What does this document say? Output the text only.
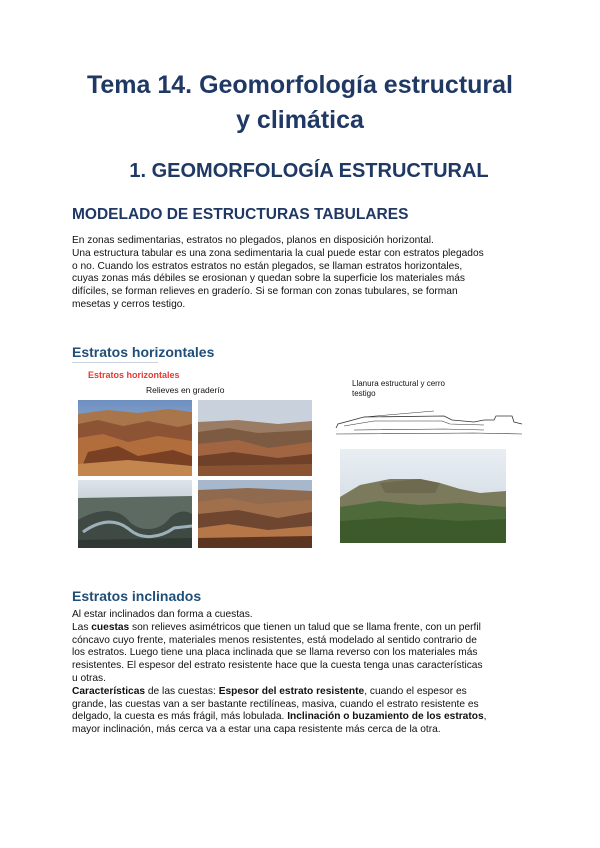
Tema 14. Geomorfología estructural
y climática
1. GEOMORFOLOGÍA ESTRUCTURAL
MODELADO DE ESTRUCTURAS TABULARES
En zonas sedimentarias, estratos no plegados, planos en disposición horizontal.
Una estructura tabular es una zona sedimentaria la cual puede estar con estratos plegados
o no. Cuando los estratos estratos no están plegados, se llaman estratos horizontales,
cuyas zonas más débiles se erosionan y quedan sobre la superficie los materiales más
difíciles, se forman relieves en graderío. Si se forman con zonas tubulares, se forman
mesetas y cerros testigo.
Estratos horizontales
Estratos horizontales
Relieves en graderío
Llanura estructural y cerro
testigo
Estratos inclinados
Al estar inclinados dan forma a cuestas.
Las cuestas son relieves asimétricos que tienen un talud que se llama frente, con un perfil
cóncavo cuyo frente, materiales menos resistentes, está modelado al sentido contrario de
los estratos. Luego tiene una placa inclinada que se llama reverso con los materiales más
resistentes. El espesor del estrato resistente hace que la cuesta tenga unas características
u otras.
Características de las cuestas: Espesor del estrato resistente, cuando el espesor es
grande, las cuestas van a ser bastante rectilíneas, masiva, cuando el estrato resistente es
delgado, la cuesta es más frágil, más lobulada. Inclinación o buzamiento de los estratos,
mayor inclinación, más cerca va a estar una capa resistente más cerca de la otra.
